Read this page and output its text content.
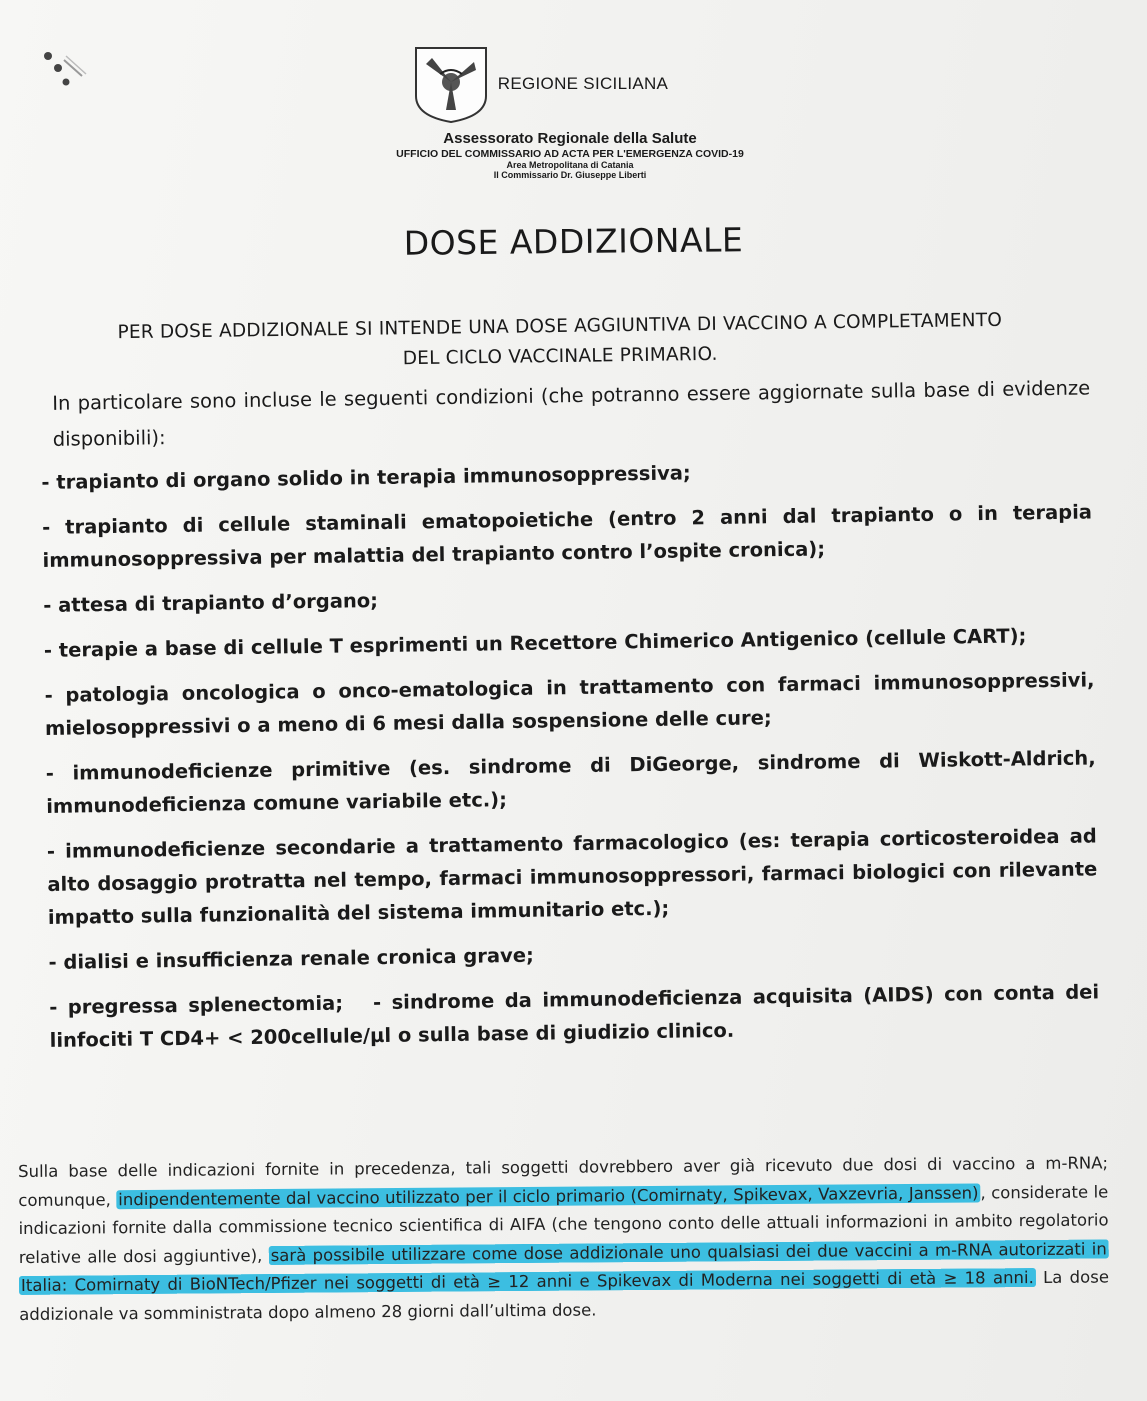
REGIONE SICILIANA
Assessorato Regionale della Salute
UFFICIO DEL COMMISSARIO AD ACTA PER L'EMERGENZA COVID-19
Area Metropolitana di Catania
Il Commissario Dr. Giuseppe Liberti
DOSE ADDIZIONALE
PER DOSE ADDIZIONALE SI INTENDE UNA DOSE AGGIUNTIVA DI VACCINO A COMPLETAMENTO DEL CICLO VACCINALE PRIMARIO.

In particolare sono incluse le seguenti condizioni (che potranno essere aggiornate sulla base di evidenze disponibili):

- trapianto di organo solido in terapia immunosoppressiva;

- trapianto di cellule staminali ematopoietiche (entro 2 anni dal trapianto o in terapia immunosoppressiva per malattia del trapianto contro l’ospite cronica);

- attesa di trapianto d’organo;

- terapie a base di cellule T esprimenti un Recettore Chimerico Antigenico (cellule CART);

- patologia oncologica o onco-ematologica in trattamento con farmaci immunosoppressivi, mielosoppressivi o a meno di 6 mesi dalla sospensione delle cure;

- immunodeficienze primitive (es. sindrome di DiGeorge, sindrome di Wiskott-Aldrich, immunodeficienza comune variabile etc.);

- immunodeficienze secondarie a trattamento farmacologico (es: terapia corticosteroidea ad alto dosaggio protratta nel tempo, farmaci immunosoppressori, farmaci biologici con rilevante impatto sulla funzionalità del sistema immunitario etc.);

- dialisi e insufficienza renale cronica grave;

- pregressa splenectomia; - sindrome da immunodeficienza acquisita (AIDS) con conta dei linfociti T CD4+ < 200cellule/µl o sulla base di giudizio clinico.

Sulla base delle indicazioni fornite in precedenza, tali soggetti dovrebbero aver già ricevuto due dosi di vaccino a m-RNA; comunque, indipendentemente dal vaccino utilizzato per il ciclo primario (Comirnaty, Spikevax, Vaxzevria, Janssen) , considerate le indicazioni fornite dalla commissione tecnico scientifica di AIFA (che tengono conto delle attuali informazioni in ambito regolatorio relative alle dosi aggiuntive), sarà possibile utilizzare come dose addizionale uno qualsiasi dei due vaccini a m-RNA autorizzati in Italia: Comirnaty di BioNTech/Pfizer nei soggetti di età ≥ 12 anni e Spikevax di Moderna nei soggetti di età ≥ 18 anni. La dose addizionale va somministrata dopo almeno 28 giorni dall’ultima dose.
